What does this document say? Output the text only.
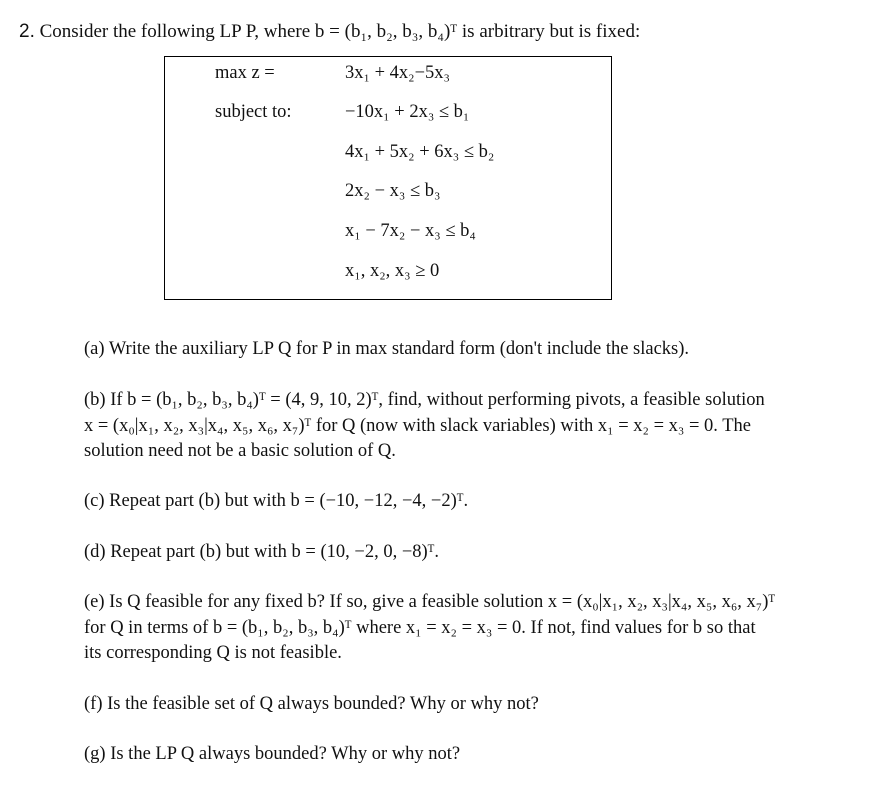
2. Consider the following LP P, where b = (b₁, b₂, b₃, b₄)ᵀ is arbitrary but is fixed:
max z =	3x₁ + 4x₂−5x₃
subject to:	−10x₁ + 2x₃ ≤ b₁
4x₁ + 5x₂ + 6x₃ ≤ b₂
2x₂ − x₃ ≤ b₃
x₁ − 7x₂ − x₃ ≤ b₄
x₁, x₂, x₃ ≥ 0
(a) Write the auxiliary LP Q for P in max standard form (don't include the slacks).
(b) If b = (b₁, b₂, b₃, b₄)ᵀ = (4, 9, 10, 2)ᵀ, find, without performing pivots, a feasible solution
x = (x₀|x₁, x₂, x₃|x₄, x₅, x₆, x₇)ᵀ for Q (now with slack variables) with x₁ = x₂ = x₃ = 0. The
solution need not be a basic solution of Q.
(c) Repeat part (b) but with b = (−10, −12, −4, −2)ᵀ.
(d) Repeat part (b) but with b = (10, −2, 0, −8)ᵀ.
(e) Is Q feasible for any fixed b? If so, give a feasible solution x = (x₀|x₁, x₂, x₃|x₄, x₅, x₆, x₇)ᵀ
for Q in terms of b = (b₁, b₂, b₃, b₄)ᵀ where x₁ = x₂ = x₃ = 0. If not, find values for b so that
its corresponding Q is not feasible.
(f) Is the feasible set of Q always bounded? Why or why not?
(g) Is the LP Q always bounded? Why or why not?
